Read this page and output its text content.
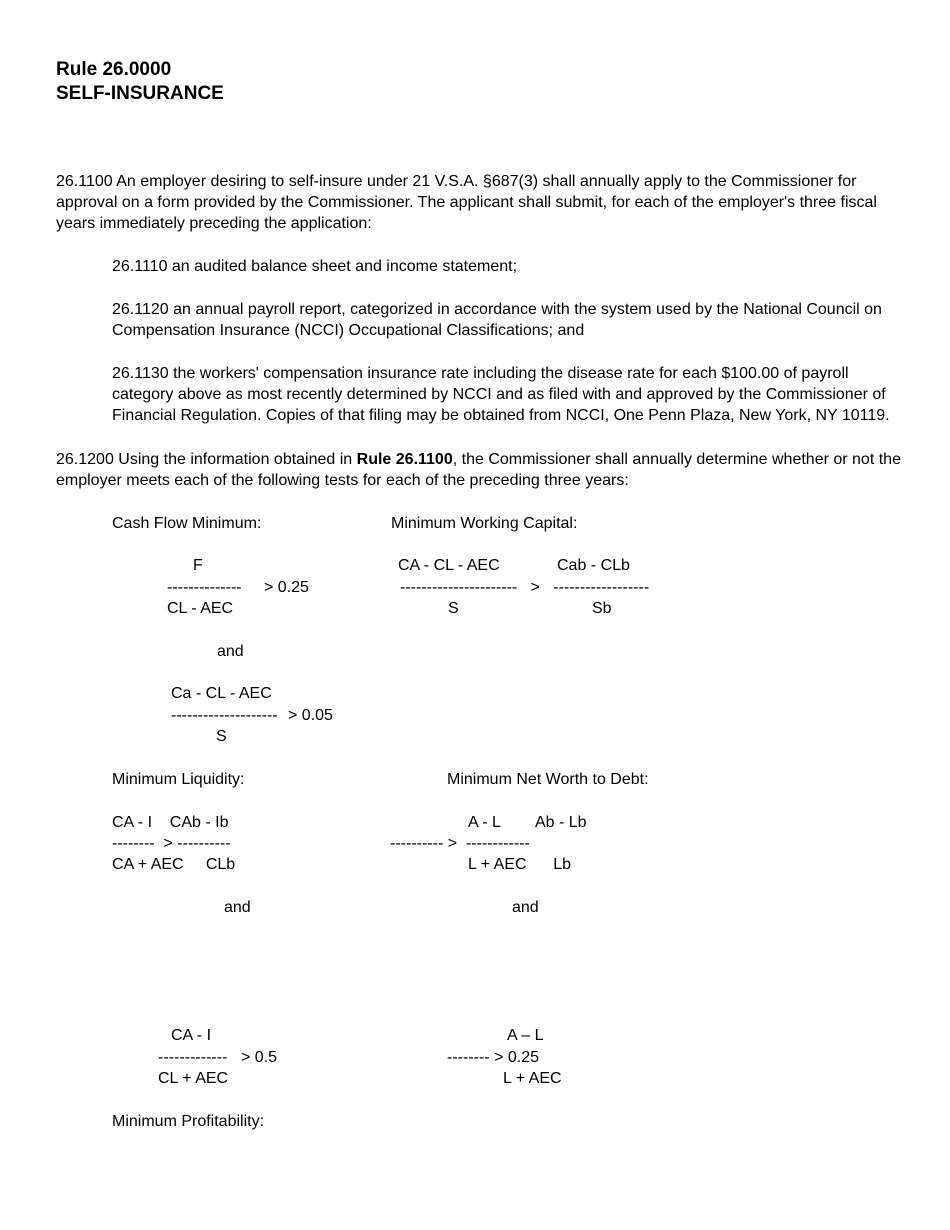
Rule 26.0000
SELF-INSURANCE
26.1100 An employer desiring to self-insure under 21 V.S.A. §687(3) shall annually apply to the Commissioner for approval on a form provided by the Commissioner. The applicant shall submit, for each of the employer's three fiscal years immediately preceding the application:
26.1110 an audited balance sheet and income statement;
26.1120 an annual payroll report, categorized in accordance with the system used by the National Council on Compensation Insurance (NCCI) Occupational Classifications; and
26.1130 the workers' compensation insurance rate including the disease rate for each $100.00 of payroll category above as most recently determined by NCCI and as filed with and approved by the Commissioner of Financial Regulation. Copies of that filing may be obtained from NCCI, One Penn Plaza, New York, NY 10119.
26.1200 Using the information obtained in Rule 26.1100, the Commissioner shall annually determine whether or not the employer meets each of the following tests for each of the preceding three years:
Cash Flow Minimum:
F
-------------- > 0.25
CL - AEC
and
Ca - CL - AEC
-------------------- > 0.05
S
Minimum Working Capital:
CA - CL - AEC	Cab - CLb
----------------------   >   ------------------
S	Sb
Minimum Liquidity:
CA - I    CAb - Ib
--------  > ----------
CA + AEC     CLb
and
CA - I
------------- > 0.5
CL + AEC
Minimum Net Worth to Debt:
A - L        Ab - Lb
---------- >  ------------
L + AEC      Lb
and
A – L
-------- > 0.25
L + AEC
Minimum Profitability:
